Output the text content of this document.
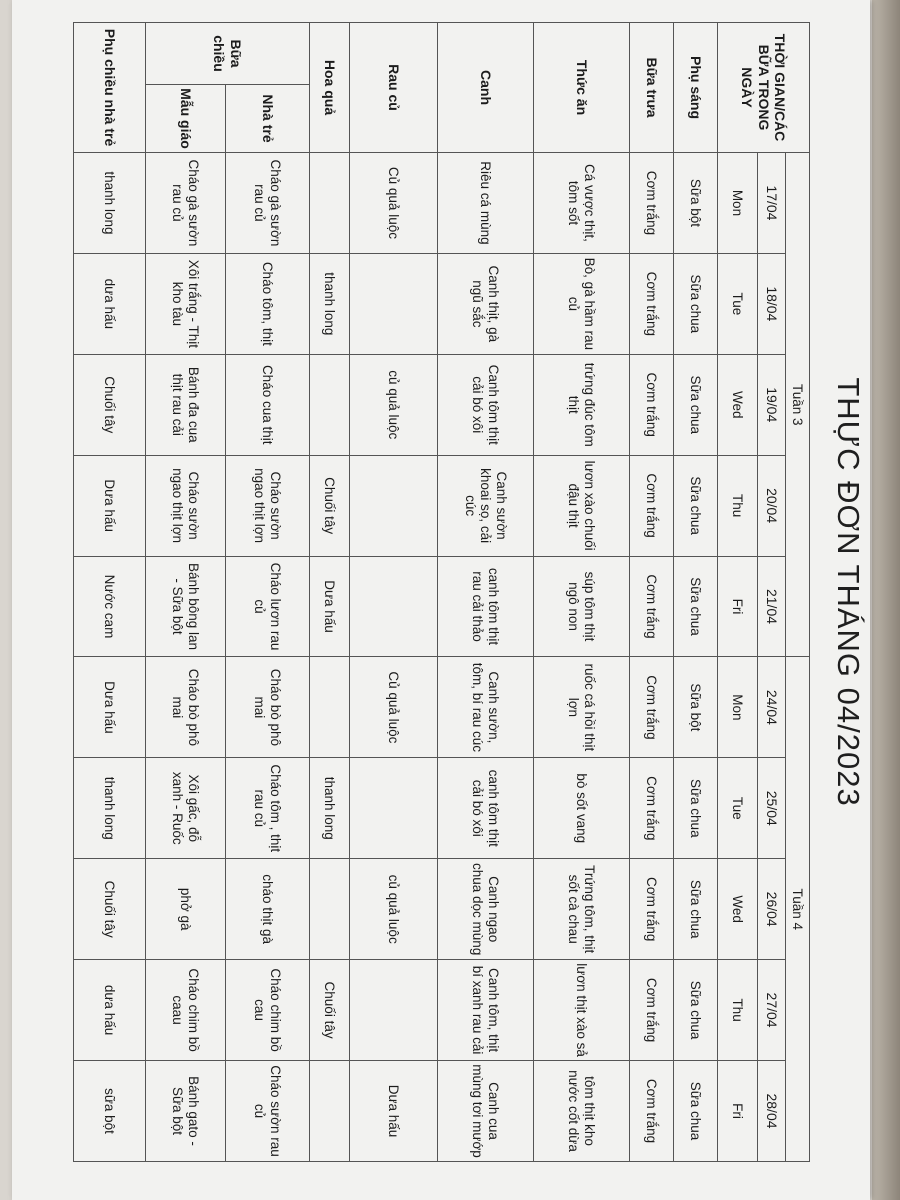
THỰC ĐƠN THÁNG 04/2023
THỜI GIAN/CÁC BỮA TRONG NGÀY		Tuần 3					Tuần 4				
		17/04	18/04	19/04	20/04	21/04	24/04	25/04	26/04	27/04	28/04
		Mon	Tue	Wed	Thu	Fri	Mon	Tue	Wed	Thu	Fri
Phụ sáng		Sữa bột	Sữa chua	Sữa chua	Sữa chua	Sữa chua	Sữa bột	Sữa chua	Sữa chua	Sữa chua	Sữa chua
Bữa trưa		Cơm trắng	Cơm trắng	Cơm trắng	Cơm trắng	Cơm trắng	Cơm trắng	Cơm trắng	Cơm trắng	Cơm trắng	Cơm trắng
Thức ăn		Cá vược thịt, tôm sốt	Bò, gà hầm rau củ	trứng đúc tôm thịt	lươn xào chuối đậu thịt	súp tôm thịt ngô non	ruốc cá hồi thịt lợn	bò sốt vang	Trứng tôm, thịt sốt cà chau	lươn thịt xào sả	tôm thịt kho nước cốt dừa
Canh		Riêu cá mùng	Canh thịt, gà ngũ sắc	Canh tôm thịt cải bó xôi	Canh sườn khoai sọ, cải cúc	canh tôm thịt rau cải thảo	Canh sườn, tôm, bí rau cúc	canh tôm thịt cải bó xôi	Canh ngao chua dọc mùng	Canh tôm, thịt bí xanh rau cải	Canh cua mùng tơi mướp
Rau củ		Củ quả luộc		củ quả luộc			Củ quả luộc		củ quả luộc		Dưa hấu
Hoa quả			thanh long		Chuối tây	Dưa hấu		thanh long		Chuối tây	
Bữa chiều	Nhà trẻ	Cháo gà sườn rau củ	Cháo tôm, thịt	Cháo cua thịt	Cháo sườn ngao thịt lợn	Cháo lươn rau củ	Cháo bò phô mai	Cháo tôm , thịt rau củ	cháo thịt gà	Cháo chim bồ cau	Cháo sườn rau củ
	Mẫu giáo	Cháo gà sườn rau củ	Xôi trắng - Thịt kho tàu	Bánh đa cua thịt rau cải	Cháo sườn ngao thịt lợn	Bánh bông lan - Sữa bột	Cháo bò phô mai	Xôi gấc, đỗ xanh - Ruốc	phở gà	Cháo chim bồ caau	Bánh gato - Sữa bột
Phụ chiều nhà trẻ		thanh long	dưa hấu	Chuối tây	Dưa hấu	Nước cam	Dưa hấu	thanh long	Chuối tây	dưa hấu	sữa bột
